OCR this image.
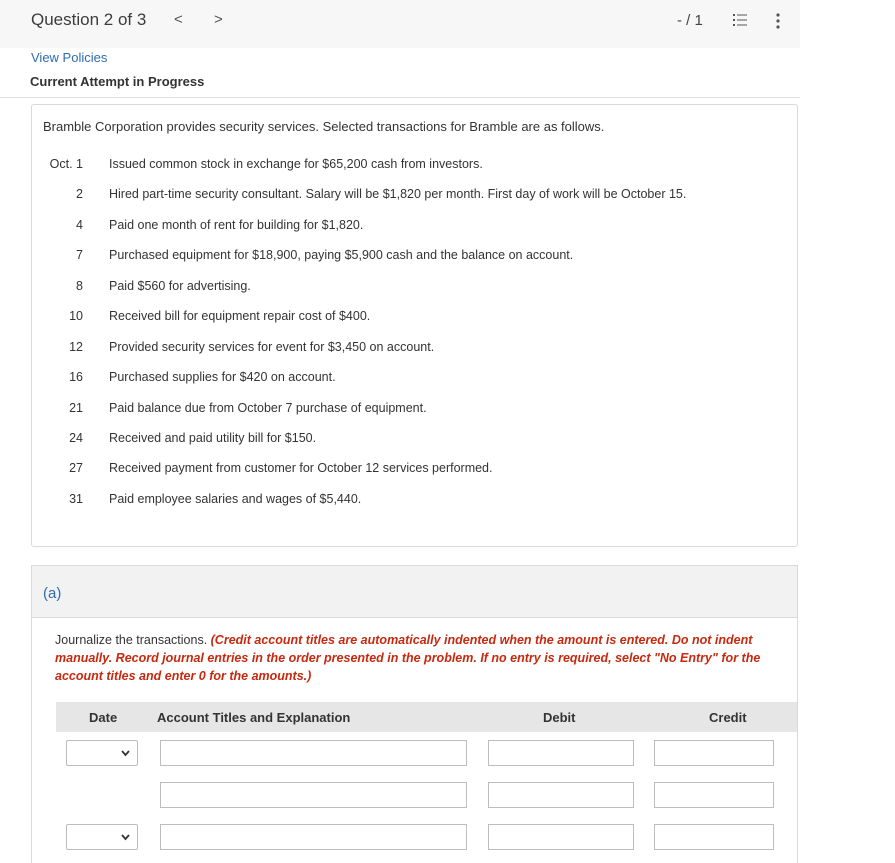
Question 2 of 3 < >	- / 1
View Policies
Current Attempt in Progress
Bramble Corporation provides security services. Selected transactions for Bramble are as follows.
Oct. 1 Issued common stock in exchange for $65,200 cash from investors.
2 Hired part-time security consultant. Salary will be $1,820 per month. First day of work will be October 15.
4 Paid one month of rent for building for $1,820.
7 Purchased equipment for $18,900, paying $5,900 cash and the balance on account.
8 Paid $560 for advertising.
10 Received bill for equipment repair cost of $400.
12 Provided security services for event for $3,450 on account.
16 Purchased supplies for $420 on account.
21 Paid balance due from October 7 purchase of equipment.
24 Received and paid utility bill for $150.
27 Received payment from customer for October 12 services performed.
31 Paid employee salaries and wages of $5,440.
(a)
Journalize the transactions. (Credit account titles are automatically indented when the amount is entered. Do not indent manually. Record journal entries in the order presented in the problem. If no entry is required, select "No Entry" for the account titles and enter 0 for the amounts.)
Date	Account Titles and Explanation	Debit	Credit
